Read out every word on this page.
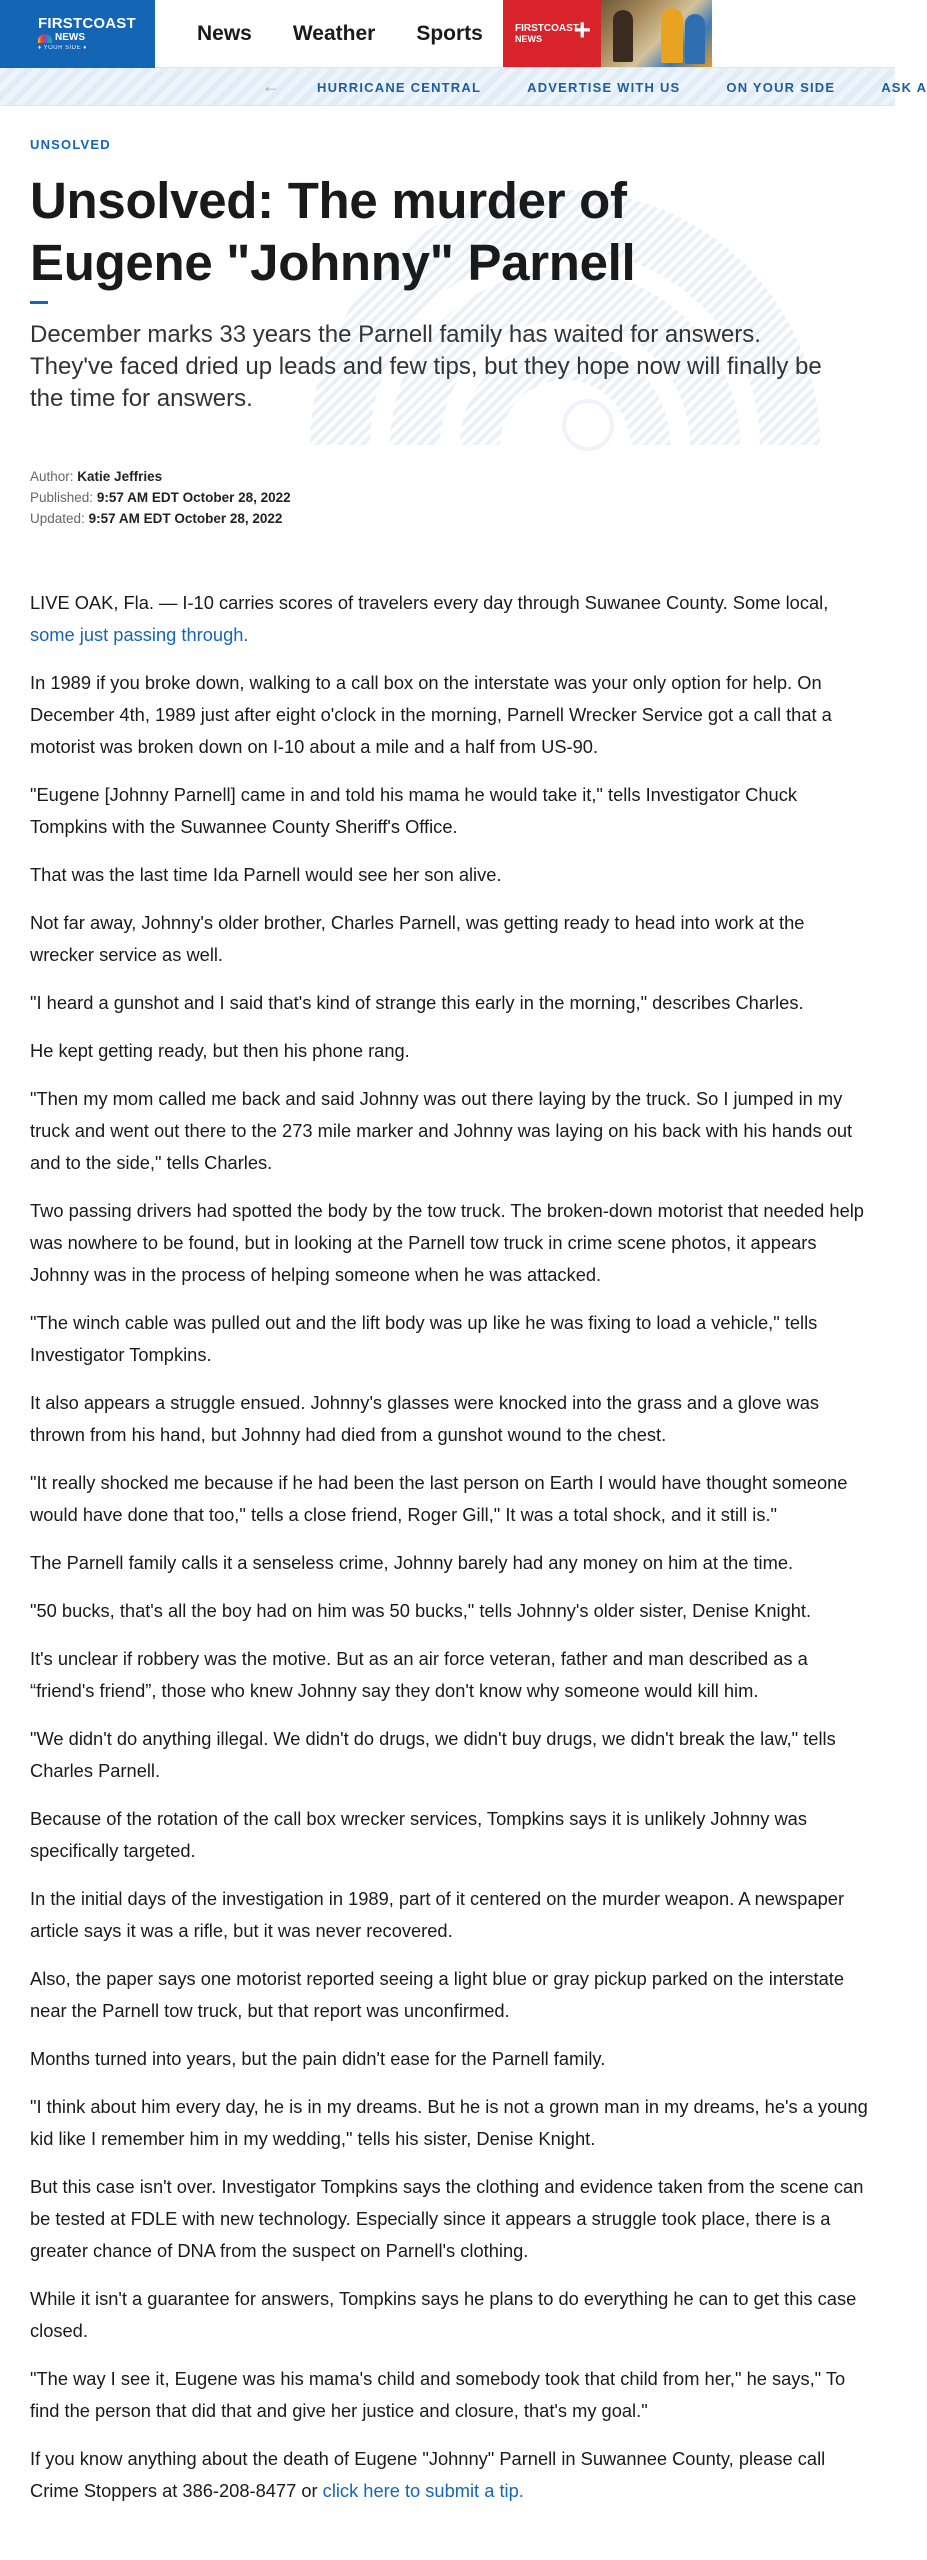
FIRSTCOAST
NEWS
♦ YOUR SIDE ♦
News Weather Sports	FIRSTCOAST
NEWS +
←	HURRICANE CENTRAL	ADVERTISE WITH US	ON YOUR SIDE	ASK A
UNSOLVED
Unsolved: The murder of Eugene "Johnny" Parnell

December marks 33 years the Parnell family has waited for answers. They've faced dried up leads and few tips, but they hope now will finally be the time for answers.

Author: Katie Jeffries
Published: 9:57 AM EDT October 28, 2022
Updated: 9:57 AM EDT October 28, 2022

LIVE OAK, Fla. — I-10 carries scores of travelers every day through Suwanee County. Some local, some just passing through.

In 1989 if you broke down, walking to a call box on the interstate was your only option for help. On December 4th, 1989 just after eight o'clock in the morning, Parnell Wrecker Service got a call that a motorist was broken down on I-10 about a mile and a half from US-90.

"Eugene [Johnny Parnell] came in and told his mama he would take it," tells Investigator Chuck Tompkins with the Suwannee County Sheriff's Office.

That was the last time Ida Parnell would see her son alive.

Not far away, Johnny's older brother, Charles Parnell, was getting ready to head into work at the wrecker service as well.

"I heard a gunshot and I said that's kind of strange this early in the morning," describes Charles.

He kept getting ready, but then his phone rang.

"Then my mom called me back and said Johnny was out there laying by the truck. So I jumped in my truck and went out there to the 273 mile marker and Johnny was laying on his back with his hands out and to the side," tells Charles.

Two passing drivers had spotted the body by the tow truck. The broken-down motorist that needed help was nowhere to be found, but in looking at the Parnell tow truck in crime scene photos, it appears Johnny was in the process of helping someone when he was attacked.

"The winch cable was pulled out and the lift body was up like he was fixing to load a vehicle," tells Investigator Tompkins.

It also appears a struggle ensued. Johnny's glasses were knocked into the grass and a glove was thrown from his hand, but Johnny had died from a gunshot wound to the chest.

"It really shocked me because if he had been the last person on Earth I would have thought someone would have done that too," tells a close friend, Roger Gill," It was a total shock, and it still is."

The Parnell family calls it a senseless crime, Johnny barely had any money on him at the time.

"50 bucks, that's all the boy had on him was 50 bucks," tells Johnny's older sister, Denise Knight.

It's unclear if robbery was the motive. But as an air force veteran, father and man described as a “friend's friend”, those who knew Johnny say they don't know why someone would kill him.

"We didn't do anything illegal. We didn't do drugs, we didn't buy drugs, we didn't break the law," tells Charles Parnell.

Because of the rotation of the call box wrecker services, Tompkins says it is unlikely Johnny was specifically targeted.

In the initial days of the investigation in 1989, part of it centered on the murder weapon. A newspaper article says it was a rifle, but it was never recovered.

Also, the paper says one motorist reported seeing a light blue or gray pickup parked on the interstate near the Parnell tow truck, but that report was unconfirmed.

Months turned into years, but the pain didn't ease for the Parnell family.

"I think about him every day, he is in my dreams. But he is not a grown man in my dreams, he's a young kid like I remember him in my wedding," tells his sister, Denise Knight.

But this case isn't over. Investigator Tompkins says the clothing and evidence taken from the scene can be tested at FDLE with new technology. Especially since it appears a struggle took place, there is a greater chance of DNA from the suspect on Parnell's clothing.

While it isn't a guarantee for answers, Tompkins says he plans to do everything he can to get this case closed.

"The way I see it, Eugene was his mama's child and somebody took that child from her," he says," To find the person that did that and give her justice and closure, that's my goal."

If you know anything about the death of Eugene "Johnny" Parnell in Suwannee County, please call Crime Stoppers at 386-208-8477 or click here to submit a tip.
